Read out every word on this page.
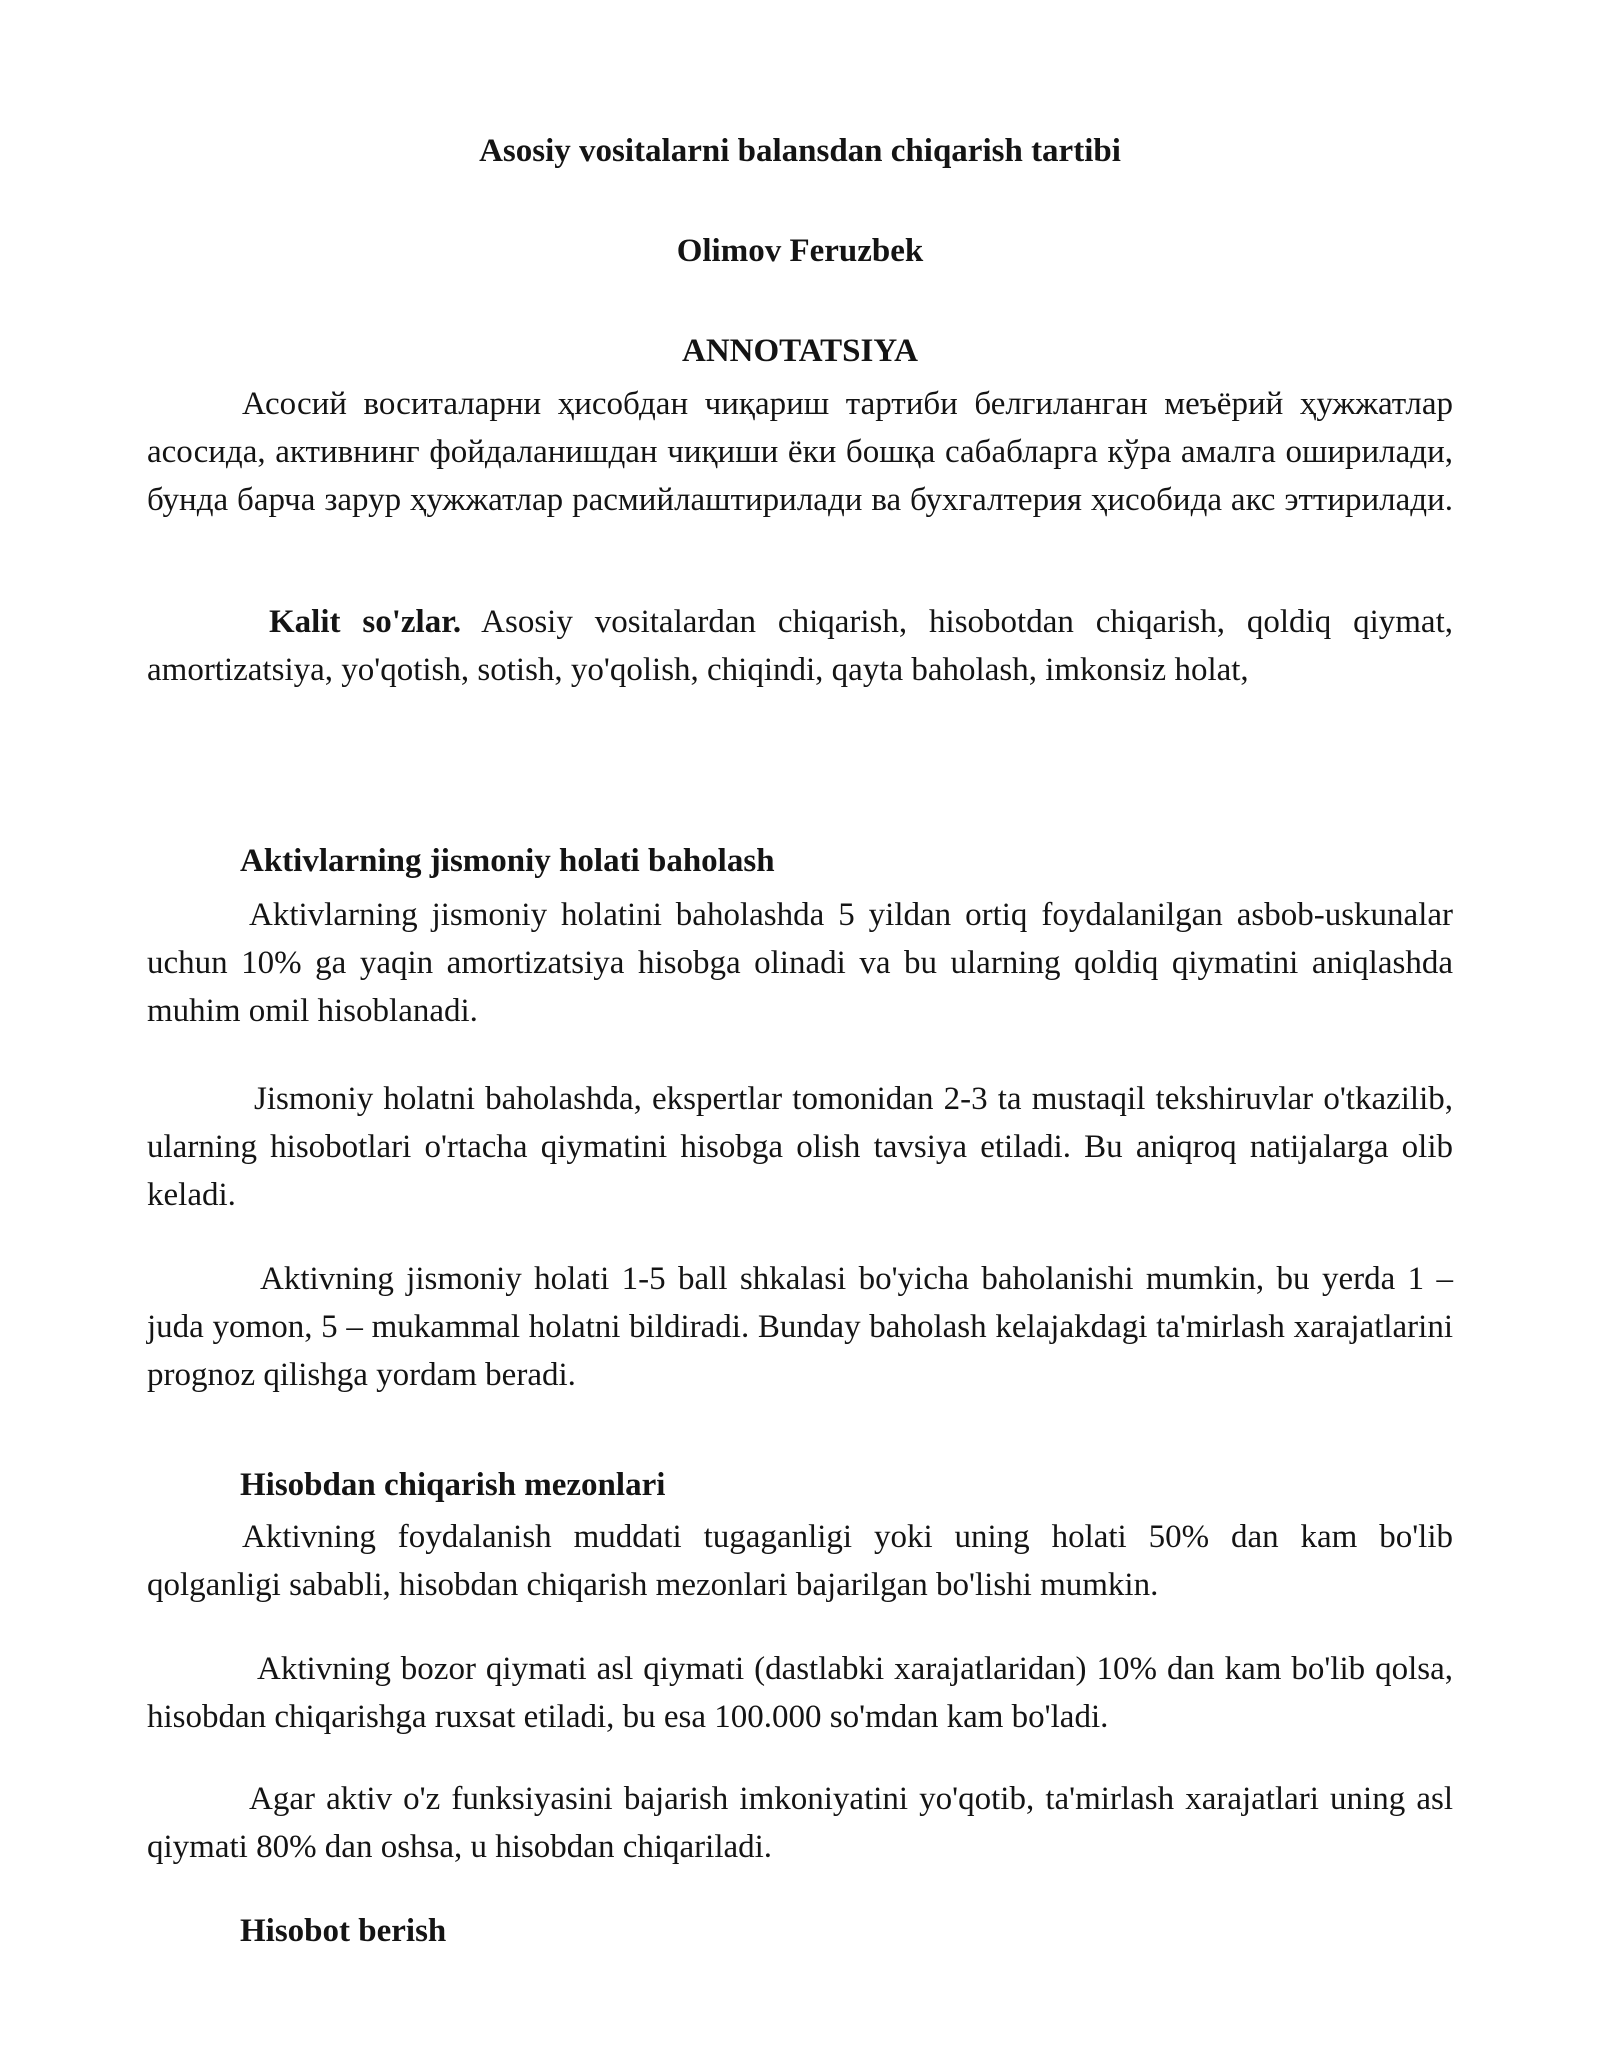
Asosiy vositalarni balansdan chiqarish tartibi
Olimov Feruzbek
ANNOTATSIYA

Асосий воситаларни ҳисобдан чиқариш тартиби белгиланган меъёрий ҳужжатлар асосида, активнинг фойдаланишдан чиқиши ёки бошқа сабабларга кўра амалга оширилади, бунда барча зарур ҳужжатлар расмийлаштирилади ва бухгалтерия ҳисобида акс эттирилади.

Kalit so'zlar. Asosiy vositalardan chiqarish, hisobotdan chiqarish, qoldiq qiymat, amortizatsiya, yo'qotish, sotish, yo'qolish, chiqindi, qayta baholash, imkonsiz holat,

Aktivlarning jismoniy holati baholash

Aktivlarning jismoniy holatini baholashda 5 yildan ortiq foydalanilgan asbob-uskunalar uchun 10% ga yaqin amortizatsiya hisobga olinadi va bu ularning qoldiq qiymatini aniqlashda muhim omil hisoblanadi.

Jismoniy holatni baholashda, ekspertlar tomonidan 2-3 ta mustaqil tekshiruvlar o'tkazilib, ularning hisobotlari o'rtacha qiymatini hisobga olish tavsiya etiladi. Bu aniqroq natijalarga olib keladi.

Aktivning jismoniy holati 1-5 ball shkalasi bo'yicha baholanishi mumkin, bu yerda 1 – juda yomon, 5 – mukammal holatni bildiradi. Bunday baholash kelajakdagi ta'mirlash xarajatlarini prognoz qilishga yordam beradi.

Hisobdan chiqarish mezonlari

Aktivning foydalanish muddati tugaganligi yoki uning holati 50% dan kam bo'lib qolganligi sababli, hisobdan chiqarish mezonlari bajarilgan bo'lishi mumkin.

Aktivning bozor qiymati asl qiymati (dastlabki xarajatlaridan) 10% dan kam bo'lib qolsa, hisobdan chiqarishga ruxsat etiladi, bu esa 100.000 so'mdan kam bo'ladi.

Agar aktiv o'z funksiyasini bajarish imkoniyatini yo'qotib, ta'mirlash xarajatlari uning asl qiymati 80% dan oshsa, u hisobdan chiqariladi.

Hisobot berish
